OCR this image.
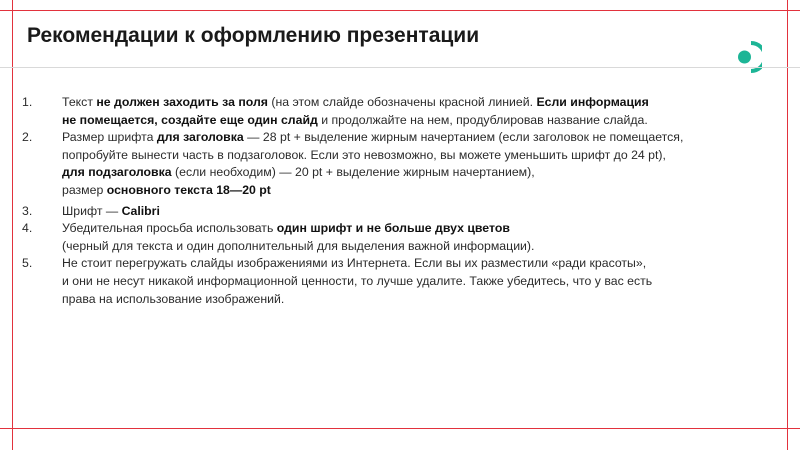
Рекомендации к оформлению презентации
1. Текст не должен заходить за поля (на этом слайде обозначены красной линией. Если информация
не помещается, создайте еще один слайд и продолжайте на нем, продублировав название слайда.
2. Размер шрифта для заголовка — 28 pt + выделение жирным начертанием (если заголовок не помещается,
попробуйте вынести часть в подзаголовок. Если это невозможно, вы можете уменьшить шрифт до 24 pt),
для подзаголовка (если необходим) — 20 pt + выделение жирным начертанием),
размер основного текста 18—20 pt
3. Шрифт — Calibri
4. Убедительная просьба использовать один шрифт и не больше двух цветов
(черный для текста и один дополнительный для выделения важной информации).
5. Не стоит перегружать слайды изображениями из Интернета. Если вы их разместили «ради красоты»,
и они не несут никакой информационной ценности, то лучше удалите. Также убедитесь, что у вас есть
права на использование изображений.
